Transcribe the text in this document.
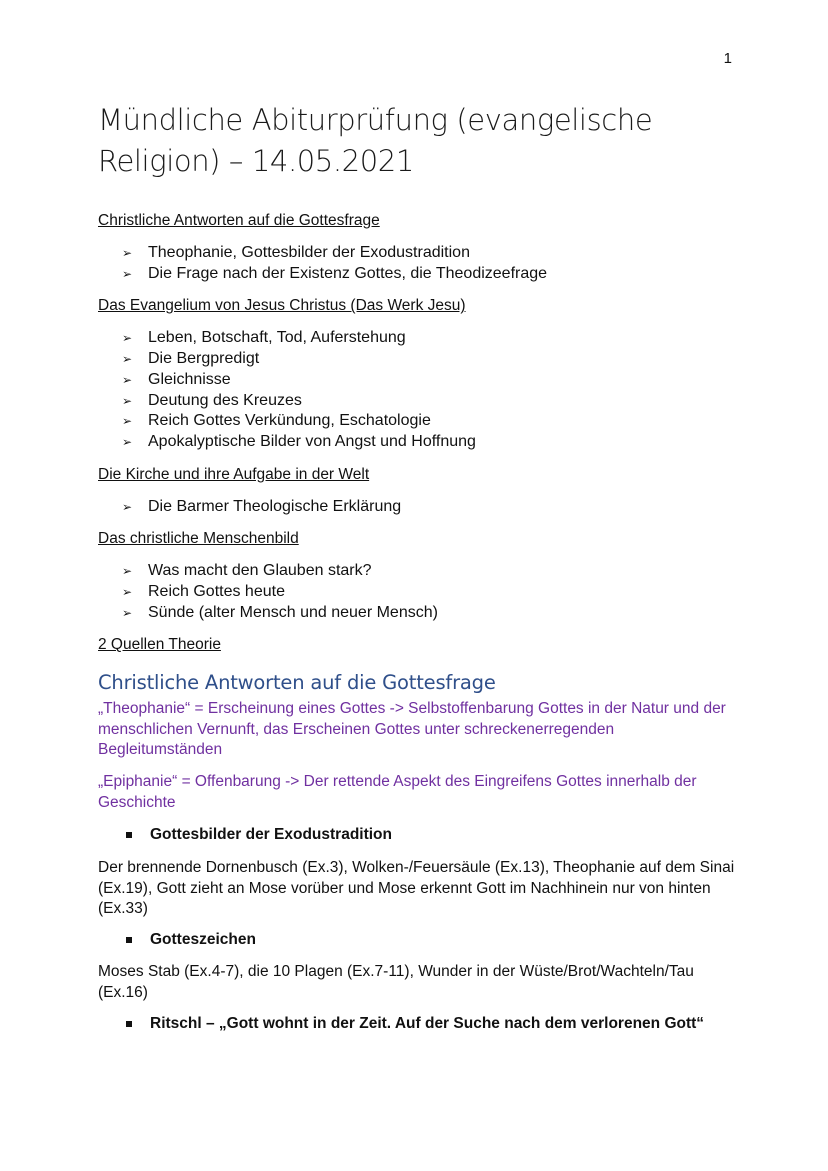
1
Mündliche Abiturprüfung (evangelische Religion) – 14.05.2021

Christliche Antworten auf die Gottesfrage

➢ Theophanie, Gottesbilder der Exodustradition
➢ Die Frage nach der Existenz Gottes, die Theodizeefrage

Das Evangelium von Jesus Christus (Das Werk Jesu)

➢ Leben, Botschaft, Tod, Auferstehung
➢ Die Bergpredigt
➢ Gleichnisse
➢ Deutung des Kreuzes
➢ Reich Gottes Verkündung, Eschatologie
➢ Apokalyptische Bilder von Angst und Hoffnung

Die Kirche und ihre Aufgabe in der Welt

➢ Die Barmer Theologische Erklärung

Das christliche Menschenbild

➢ Was macht den Glauben stark?
➢ Reich Gottes heute
➢ Sünde (alter Mensch und neuer Mensch)

2 Quellen Theorie

Christliche Antworten auf die Gottesfrage

„Theophanie“ = Erscheinung eines Gottes -> Selbstoffenbarung Gottes in der Natur und der menschlichen Vernunft, das Erscheinen Gottes unter schreckenerregenden Begleitumständen

„Epiphanie“ = Offenbarung -> Der rettende Aspekt des Eingreifens Gottes innerhalb der Geschichte

Gottesbilder der Exodustradition

Der brennende Dornenbusch (Ex.3), Wolken-/Feuersäule (Ex.13), Theophanie auf dem Sinai (Ex.19), Gott zieht an Mose vorüber und Mose erkennt Gott im Nachhinein nur von hinten (Ex.33)

Gotteszeichen

Moses Stab (Ex.4-7), die 10 Plagen (Ex.7-11), Wunder in der Wüste/Brot/Wachteln/Tau (Ex.16)

Ritschl – „Gott wohnt in der Zeit. Auf der Suche nach dem verlorenen Gott“
